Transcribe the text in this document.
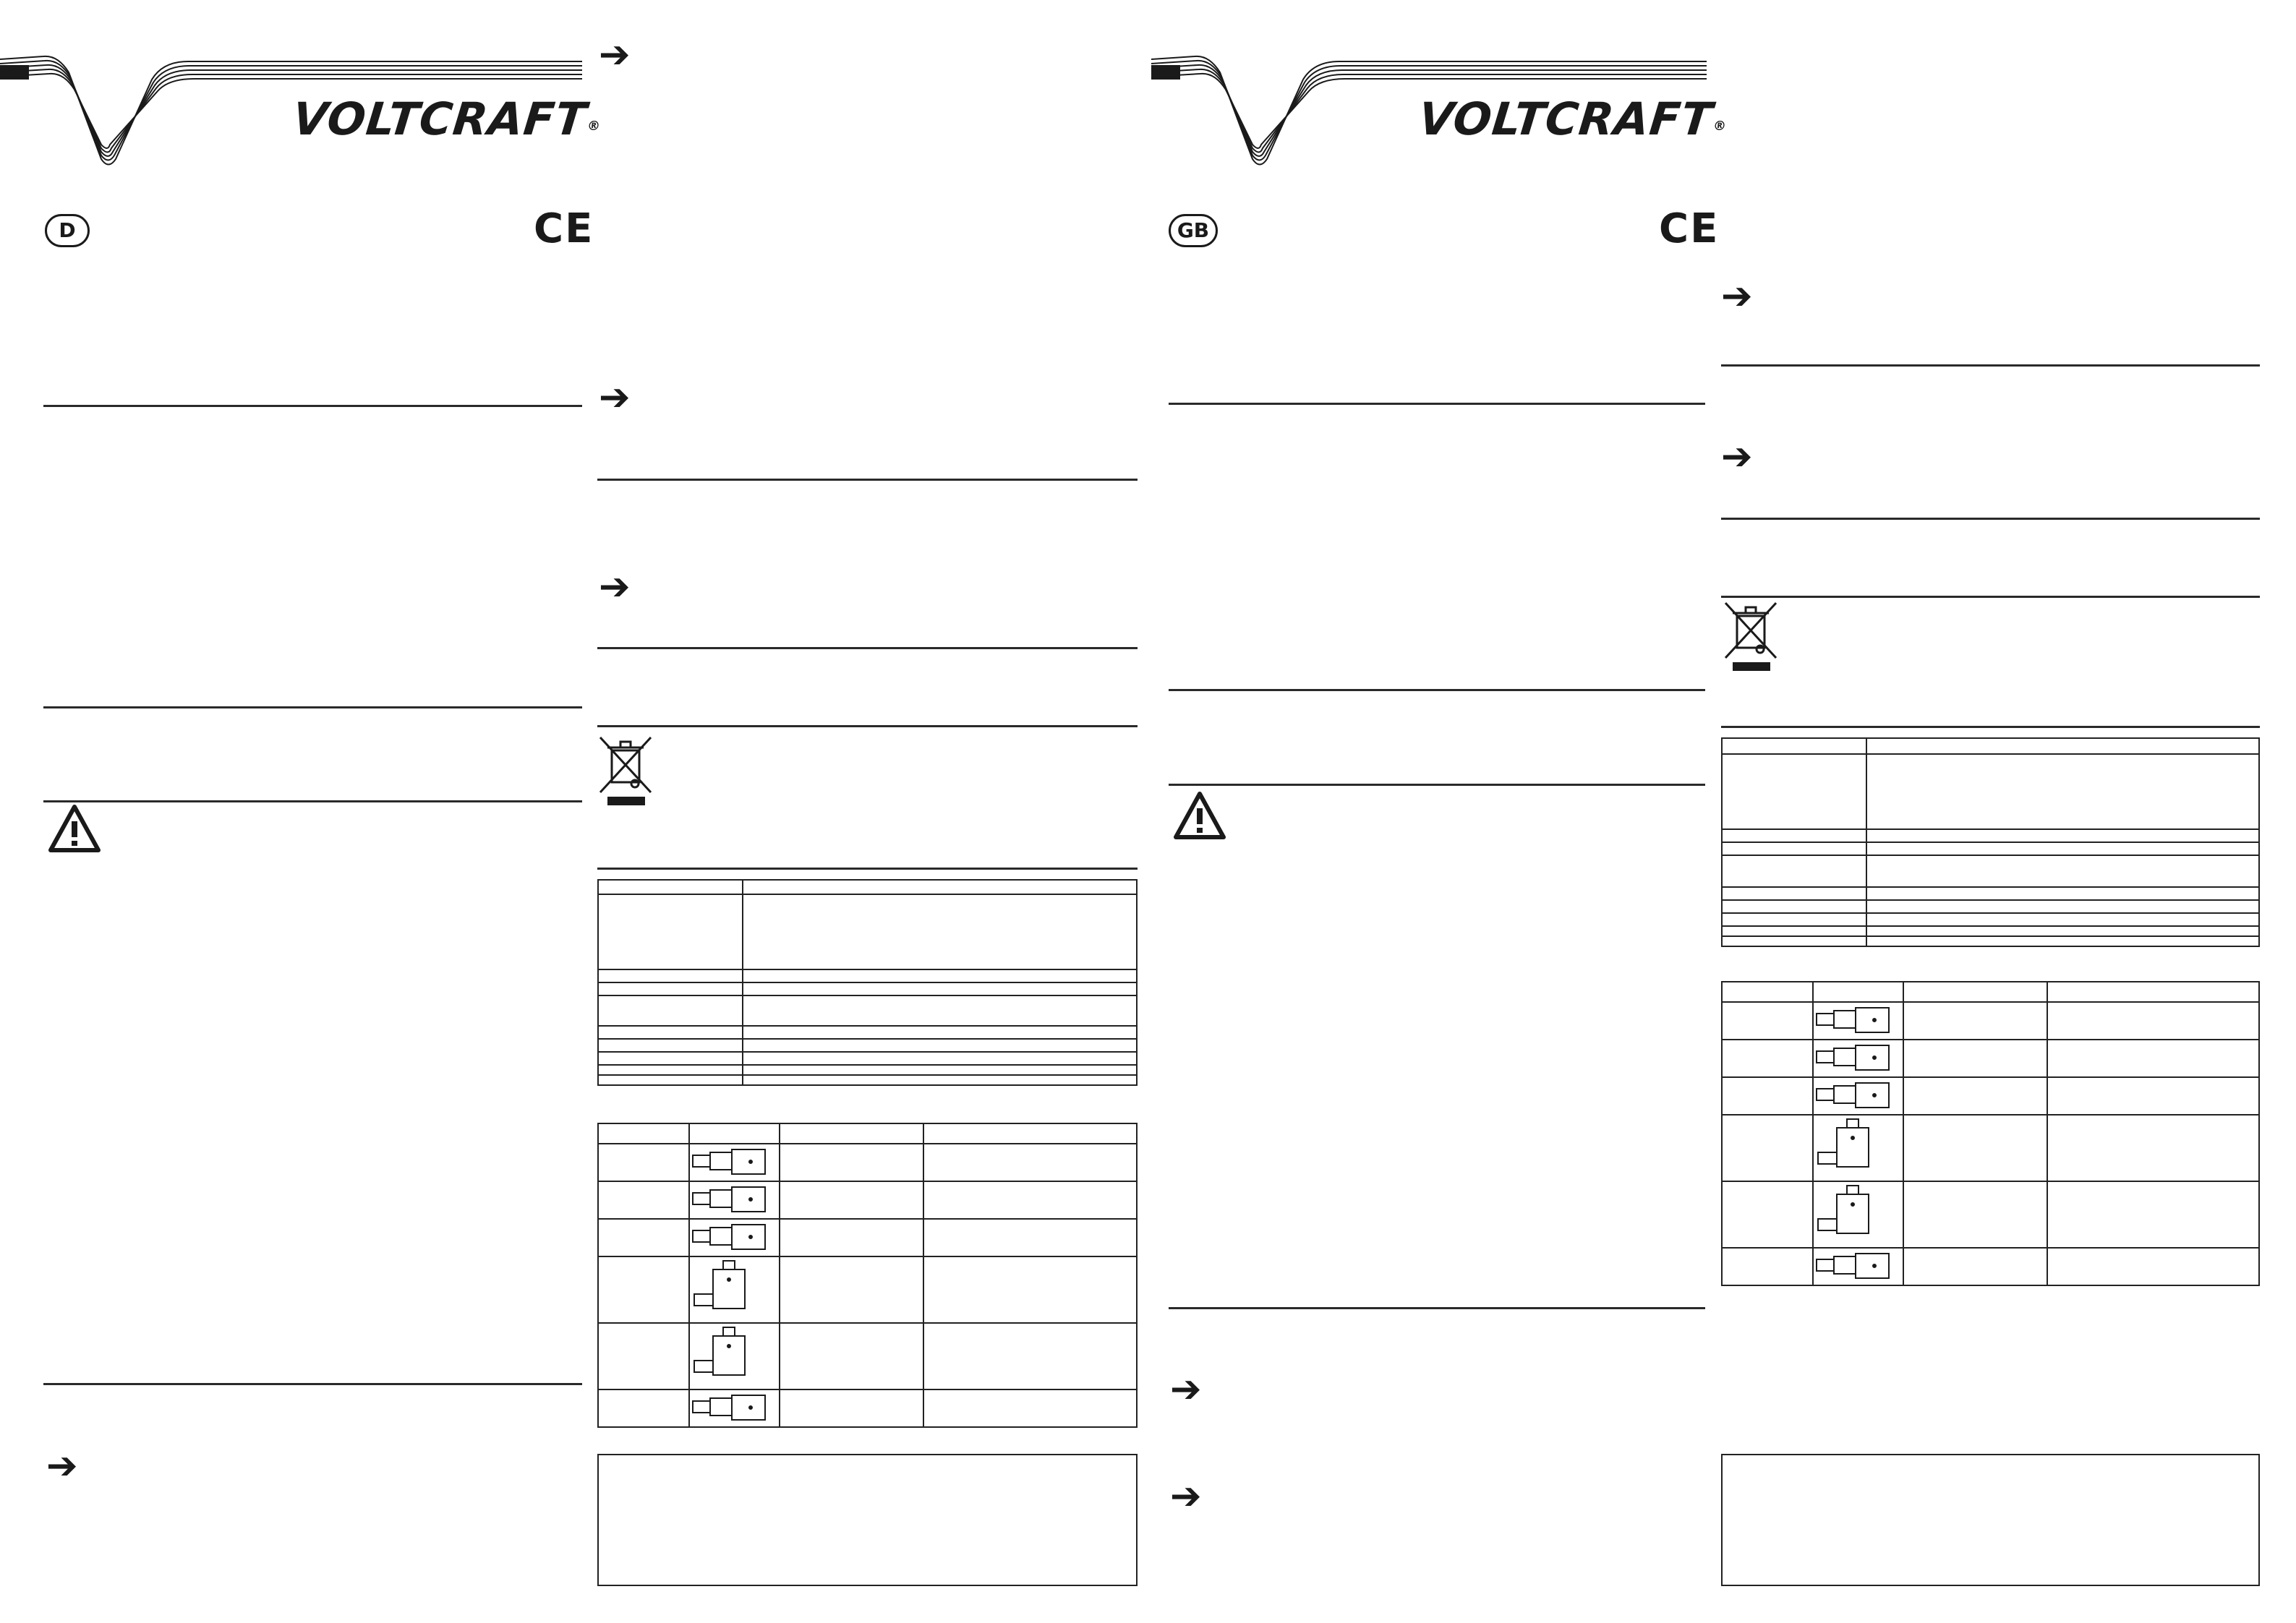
VOLTCRAFT®
D	CE
➔
➔
➔
➔
VOLTCRAFT®
GB	CE
➔
➔
➔
➔
